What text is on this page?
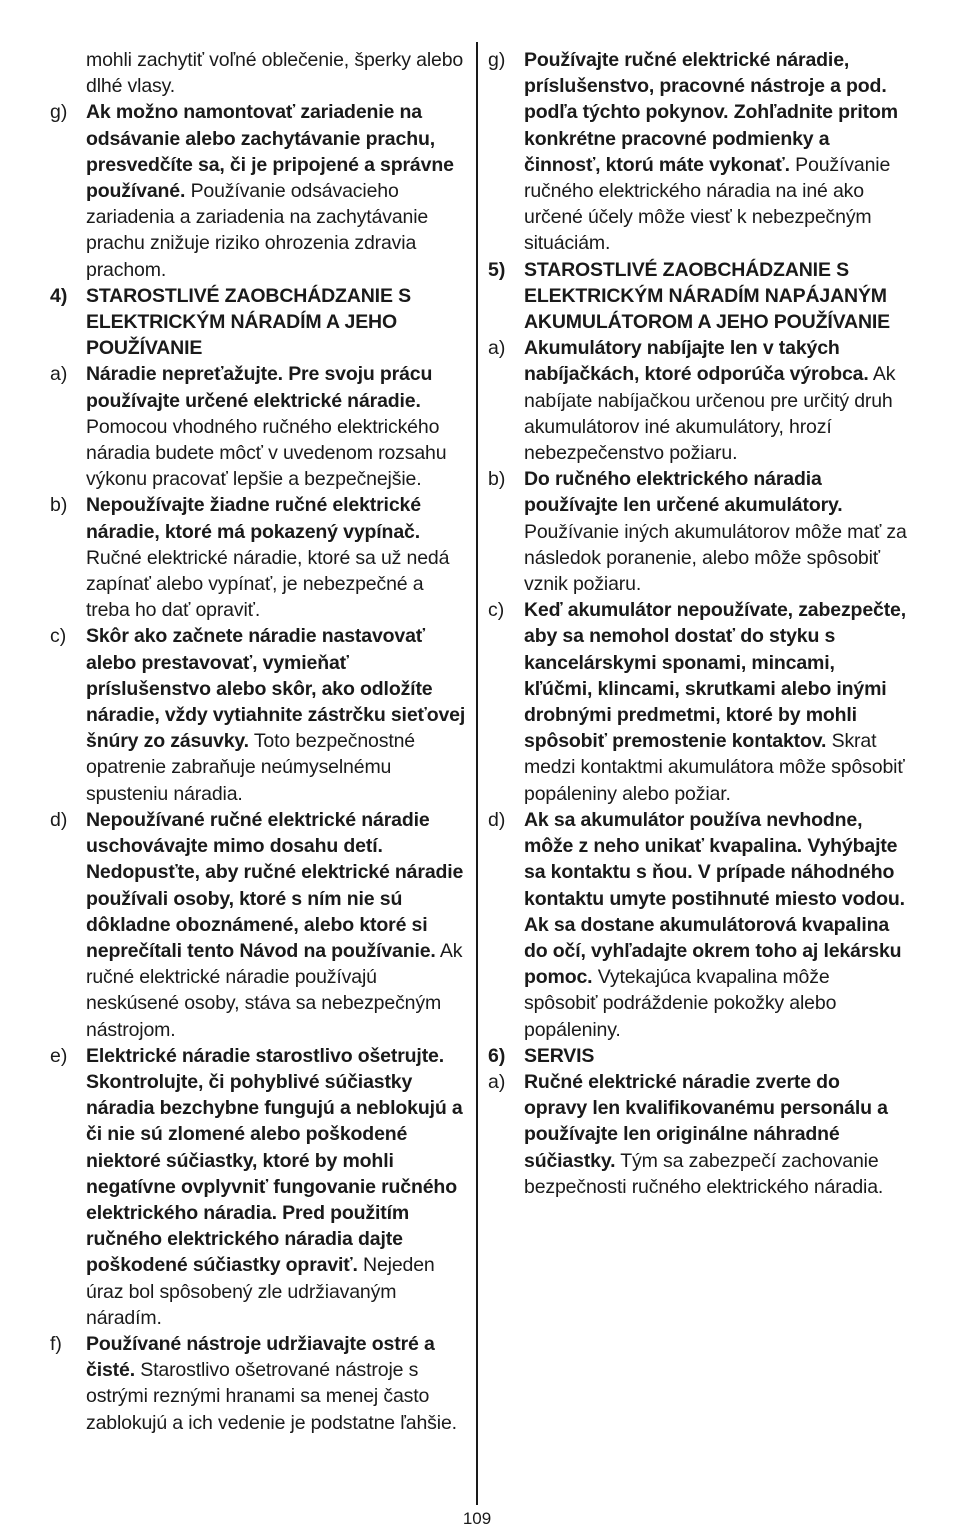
mohli zachytiť voľné oblečenie, šperky alebo dlhé vlasy.
g) Ak možno namontovať zariadenie na odsávanie alebo zachytávanie prachu, presvedčíte sa, či je pripojené a správne používané. Používanie odsávacieho zariadenia a zariadenia na zachytávanie prachu znižuje riziko ohrozenia zdravia prachom.
4) STAROSTLIVÉ ZAOBCHÁDZANIE S ELEKTRICKÝM NÁRADÍM A JEHO POUŽÍVANIE
a) Náradie nepreťažujte. Pre svoju prácu používajte určené elektrické náradie. Pomocou vhodného ručného elektrického náradia budete môcť v uvedenom rozsahu výkonu pracovať lepšie a bezpečnejšie.
b) Nepoužívajte žiadne ručné elektrické náradie, ktoré má pokazený vypínač. Ručné elektrické náradie, ktoré sa už nedá zapínať alebo vypínať, je nebezpečné a treba ho dať opraviť.
c)	Skôr ako začnete náradie nastavovať alebo prestavovať, vymieňať príslušenstvo alebo skôr, ako odložíte náradie, vždy vytiahnite zástrčku sieťovej šnúry zo zásuvky. Toto bezpečnostné opatrenie zabraňuje neúmyselnému spusteniu náradia.
d) Nepoužívané ručné elektrické náradie uschovávajte mimo dosahu detí. Nedopusťte, aby ručné elektrické náradie používali osoby, ktoré s ním nie sú dôkladne oboznámené, alebo ktoré si neprečítali tento Návod na používanie. Ak ručné elektrické náradie používajú neskúsené osoby, stáva sa nebezpečným nástrojom.
e) Elektrické náradie starostlivo ošetrujte. Skontrolujte, či pohyblivé súčiastky náradia bezchybne fungujú a neblokujú a či nie sú zlomené alebo poškodené niektoré súčiastky, ktoré by mohli negatívne ovplyvniť fungovanie ručného elektrického náradia. Pred použitím ručného elektrického náradia dajte poškodené súčiastky opraviť. Nejeden úraz bol spôsobený zle udržiavaným náradím.
f)	Používané nástroje udržiavajte ostré a čisté. Starostlivo ošetrované nástroje s ostrými reznými hranami sa menej často zablokujú a ich vedenie je podstatne ľahšie.
g) Používajte ručné elektrické náradie, príslušenstvo, pracovné nástroje a pod. podľa týchto pokynov. Zohľadnite pritom konkrétne pracovné podmienky a činnosť, ktorú máte vykonať. Používanie ručného elektrického náradia na iné ako určené účely môže viesť k nebezpečným situáciám.
5) STAROSTLIVÉ ZAOBCHÁDZANIE S ELEKTRICKÝM NÁRADÍM NAPÁJANÝM AKUMULÁTOROM A JEHO POUŽÍVANIE
a) Akumulátory nabíjajte len v takých nabíjačkách, ktoré odporúča výrobca. Ak nabíjate nabíjačkou určenou pre určitý druh akumulátorov iné akumulátory, hrozí nebezpečenstvo požiaru.
b) Do ručného elektrického náradia používajte len určené akumulátory. Používanie iných akumulátorov môže mať za následok poranenie, alebo môže spôsobiť vznik požiaru.
c)	Keď akumulátor nepoužívate, zabezpečte, aby sa nemohol dostať do styku s kancelárskymi sponami, mincami, kľúčmi, klincami, skrutkami alebo inými drobnými predmetmi, ktoré by mohli spôsobiť premostenie kontaktov. Skrat medzi kontaktmi akumulátora môže spôsobiť popáleniny alebo požiar.
d) Ak sa akumulátor používa nevhodne, môže z neho unikať kvapalina. Vyhýbajte sa kontaktu s ňou. V prípade náhodného kontaktu umyte postihnuté miesto vodou. Ak sa dostane akumulátorová kvapalina do očí, vyhľadajte okrem toho aj lekársku pomoc. Vytekajúca kvapalina môže spôsobiť podráždenie pokožky alebo popáleniny.
6) SERVIS
a) Ručné elektrické náradie zverte do opravy len kvalifikovanému personálu a používajte len originálne náhradné súčiastky. Tým sa zabezpečí zachovanie bezpečnosti ručného elektrického náradia.
109
